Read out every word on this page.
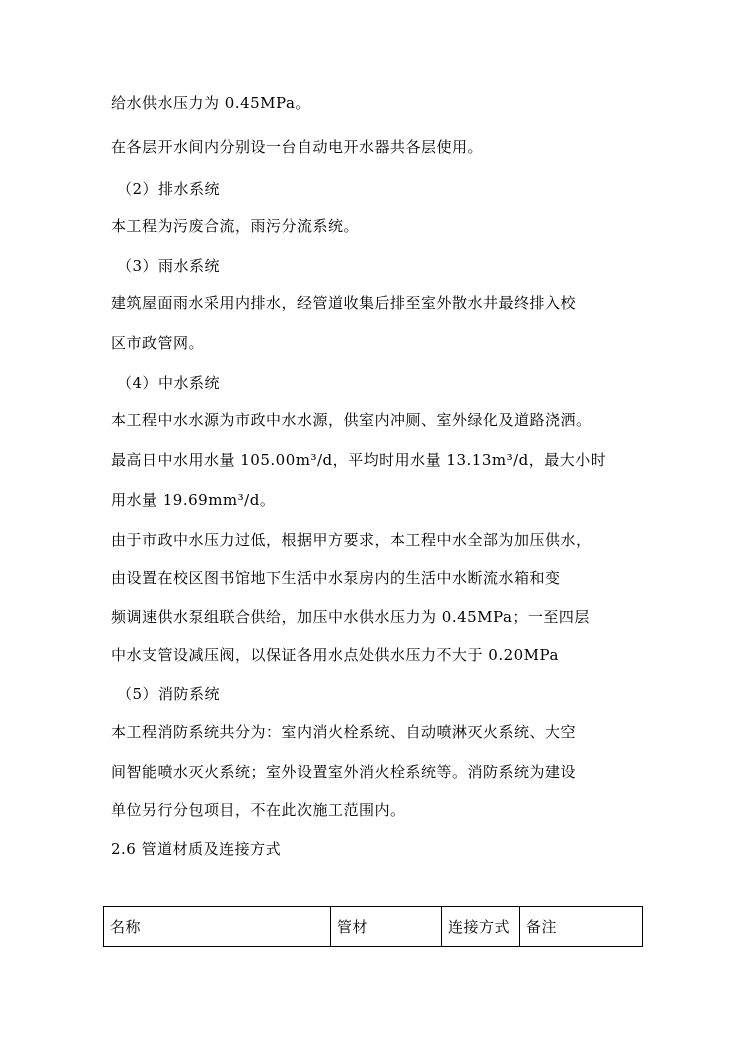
给水供水压力为 0.45MPa。
在各层开水间内分别设一台自动电开水器共各层使用。
（2）排水系统
本工程为污废合流，雨污分流系统。
（3）雨水系统
建筑屋面雨水采用内排水，经管道收集后排至室外散水井最终排入校
区市政管网。
（4）中水系统
本工程中水水源为市政中水水源，供室内冲厕、室外绿化及道路浇洒。
最高日中水用水量 105.00m³/d，平均时用水量 13.13m³/d，最大小时
用水量 19.69mm³/d。
由于市政中水压力过低，根据甲方要求，本工程中水全部为加压供水，
由设置在校区图书馆地下生活中水泵房内的生活中水断流水箱和变
频调速供水泵组联合供给，加压中水供水压力为 0.45MPa；一至四层
中水支管设减压阀，以保证各用水点处供水压力不大于 0.20MPa
（5）消防系统
本工程消防系统共分为：室内消火栓系统、自动喷淋灭火系统、大空
间智能喷水灭火系统；室外设置室外消火栓系统等。消防系统为建设
单位另行分包项目，不在此次施工范围内。
2.6 管道材质及连接方式
名称	管材	连接方式	备注
